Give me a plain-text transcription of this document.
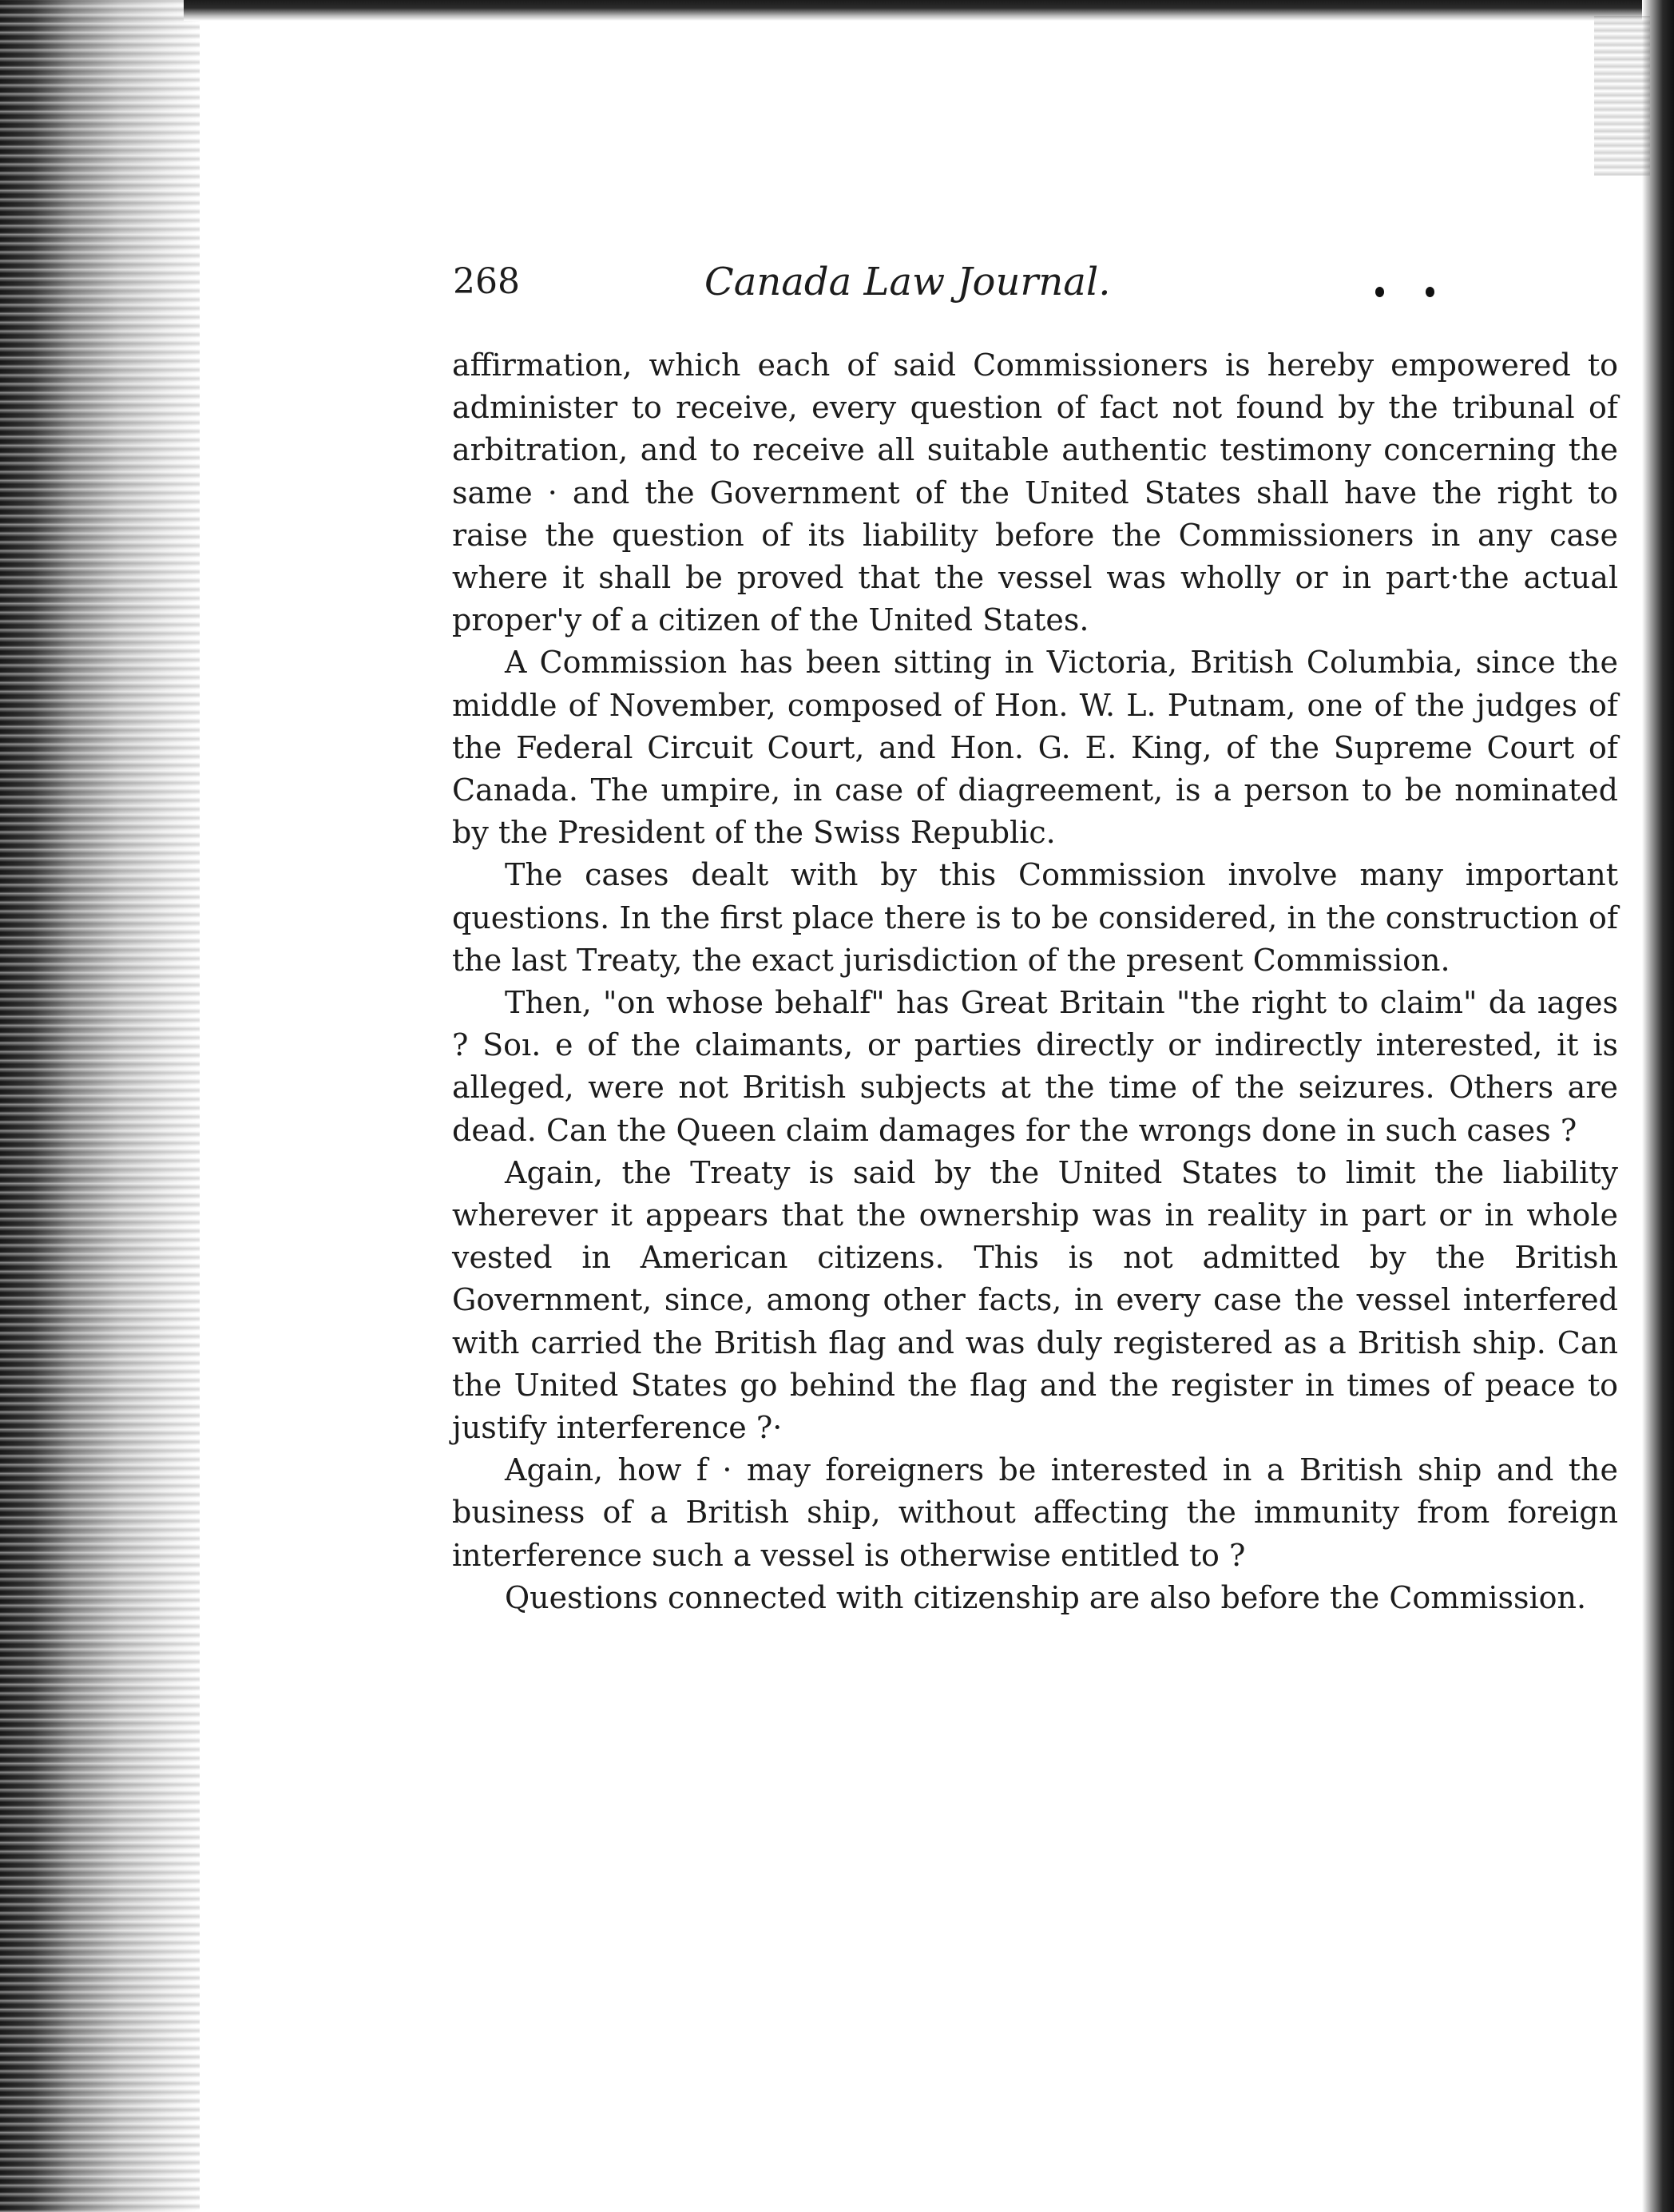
268	Canada Law Journal.

affirmation, which each of said Commissioners is hereby empowered to administer to receive, every question of fact not found by the tribunal of arbitration, and to receive all suitable authentic testimony concerning the same · and the Government of the United States shall have the right to raise the question of its liability before the Commissioners in any case where it shall be proved that the vessel was wholly or in part·the actual proper'y of a citizen of the United States.

A Commission has been sitting in Victoria, British Columbia, since the middle of November, composed of Hon. W. L. Putnam, one of the judges of the Federal Circuit Court, and Hon. G. E. King, of the Supreme Court of Canada. The umpire, in case of diagreement, is a person to be nominated by the President of the Swiss Republic.

The cases dealt with by this Commission involve many important questions. In the first place there is to be considered, in the construction of the last Treaty, the exact jurisdiction of the present Commission.

Then, "on whose behalf" has Great Britain "the right to claim" da ıages ? Soı. e of the claimants, or parties directly or indirectly interested, it is alleged, were not British subjects at the time of the seizures. Others are dead. Can the Queen claim damages for the wrongs done in such cases ?

Again, the Treaty is said by the United States to limit the liability wherever it appears that the ownership was in reality in part or in whole vested in American citizens. This is not admitted by the British Government, since, among other facts, in every case the vessel interfered with carried the British flag and was duly registered as a British ship. Can the United States go behind the flag and the register in times of peace to justify interference ?·

Again, how f · may foreigners be interested in a British ship and the business of a British ship, without affecting the immunity from foreign interference such a vessel is otherwise entitled to ?

Questions connected with citizenship are also before the Commission.
